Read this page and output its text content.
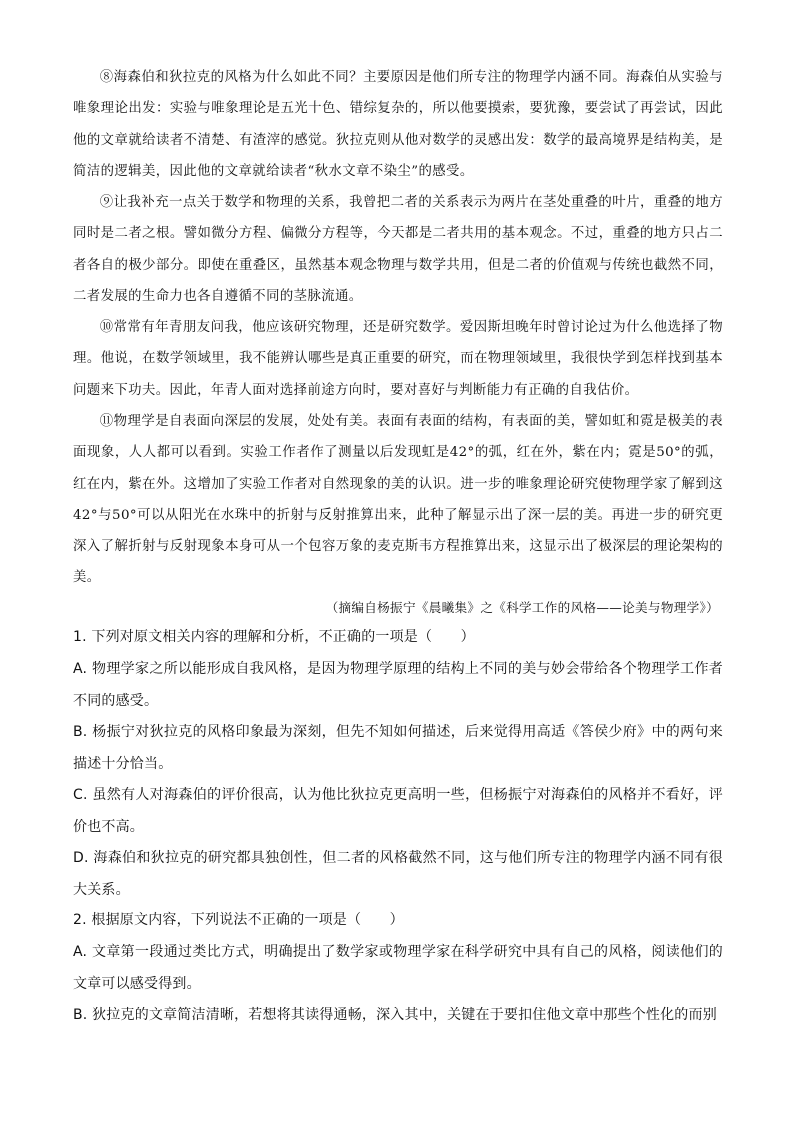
⑧海森伯和狄拉克的风格为什么如此不同？主要原因是他们所专注的物理学内涵不同。海森伯从实验与唯象理论出发：实验与唯象理论是五光十色、错综复杂的，所以他要摸索，要犹豫，要尝试了再尝试，因此他的文章就给读者不清楚、有渣滓的感觉。狄拉克则从他对数学的灵感出发：数学的最高境界是结构美，是简洁的逻辑美，因此他的文章就给读者“秋水文章不染尘”的感受。
⑨让我补充一点关于数学和物理的关系，我曾把二者的关系表示为两片在茎处重叠的叶片，重叠的地方同时是二者之根。譬如微分方程、偏微分方程等，今天都是二者共用的基本观念。不过，重叠的地方只占二者各自的极少部分。即使在重叠区，虽然基本观念物理与数学共用，但是二者的价值观与传统也截然不同，二者发展的生命力也各自遵循不同的茎脉流通。
⑩常常有年青朋友问我，他应该研究物理，还是研究数学。爱因斯坦晚年时曾讨论过为什么他选择了物理。他说，在数学领域里，我不能辨认哪些是真正重要的研究，而在物理领域里，我很快学到怎样找到基本问题来下功夫。因此，年青人面对选择前途方向时，要对喜好与判断能力有正确的自我估价。
⑪物理学是自表面向深层的发展，处处有美。表面有表面的结构，有表面的美，譬如虹和霓是极美的表面现象，人人都可以看到。实验工作者作了测量以后发现虹是42°的弧，红在外，紫在内；霓是50°的弧，红在内，紫在外。这增加了实验工作者对自然现象的美的认识。进一步的唯象理论研究使物理学家了解到这42°与50°可以从阳光在水珠中的折射与反射推算出来，此种了解显示出了深一层的美。再进一步的研究更深入了解折射与反射现象本身可从一个包容万象的麦克斯韦方程推算出来，这显示出了极深层的理论架构的美。
（摘编自杨振宁《晨曦集》之《科学工作的风格——论美与物理学》）
1. 下列对原文相关内容的理解和分析，不正确的一项是（　　）
A. 物理学家之所以能形成自我风格，是因为物理学原理的结构上不同的美与妙会带给各个物理学工作者不同的感受。
B. 杨振宁对狄拉克的风格印象最为深刻，但先不知如何描述，后来觉得用高适《答侯少府》中的两句来描述十分恰当。
C. 虽然有人对海森伯的评价很高，认为他比狄拉克更高明一些，但杨振宁对海森伯的风格并不看好，评价也不高。
D. 海森伯和狄拉克的研究都具独创性，但二者的风格截然不同，这与他们所专注的物理学内涵不同有很大关系。
2. 根据原文内容，下列说法不正确的一项是（　　）
A. 文章第一段通过类比方式，明确提出了数学家或物理学家在科学研究中具有自己的风格，阅读他们的文章可以感受得到。
B. 狄拉克的文章简洁清晰，若想将其读得通畅，深入其中，关键在于要扣住他文章中那些个性化的而别
